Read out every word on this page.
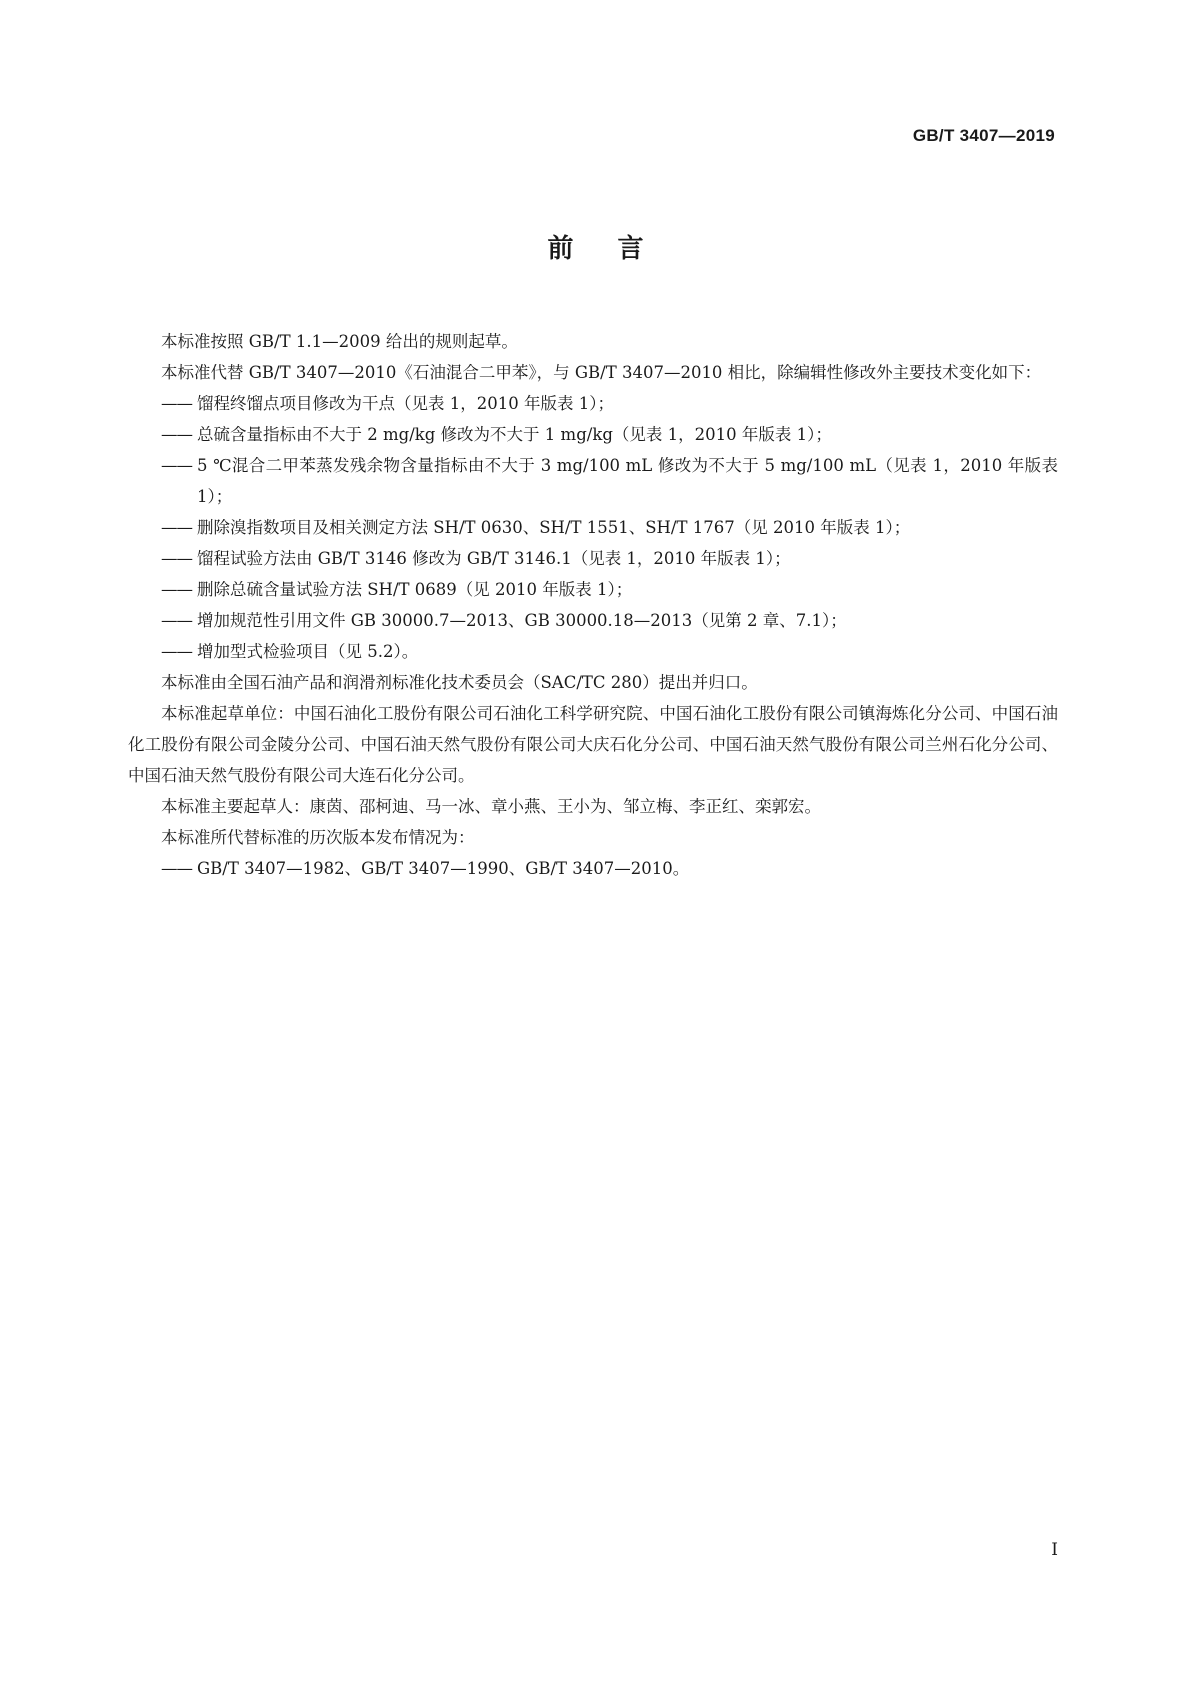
GB/T 3407—2019
前言

本标准按照 GB/T 1.1—2009 给出的规则起草。

本标准代替 GB/T 3407—2010《石油混合二甲苯》，与 GB/T 3407—2010 相比，除编辑性修改外主要技术变化如下：

—— 馏程终馏点项目修改为干点（见表 1，2010 年版表 1）；

—— 总硫含量指标由不大于 2 mg/kg 修改为不大于 1 mg/kg（见表 1，2010 年版表 1）；

—— 5 ℃混合二甲苯蒸发残余物含量指标由不大于 3 mg/100 mL 修改为不大于 5 mg/100 mL（见表 1，2010 年版表 1）；

—— 删除溴指数项目及相关测定方法 SH/T 0630、SH/T 1551、SH/T 1767（见 2010 年版表 1）；

—— 馏程试验方法由 GB/T 3146 修改为 GB/T 3146.1（见表 1，2010 年版表 1）；

—— 删除总硫含量试验方法 SH/T 0689（见 2010 年版表 1）；

—— 增加规范性引用文件 GB 30000.7—2013、GB 30000.18—2013（见第 2 章、7.1）；

—— 增加型式检验项目（见 5.2）。

本标准由全国石油产品和润滑剂标准化技术委员会（SAC/TC 280）提出并归口。

本标准起草单位：中国石油化工股份有限公司石油化工科学研究院、中国石油化工股份有限公司镇海炼化分公司、中国石油化工股份有限公司金陵分公司、中国石油天然气股份有限公司大庆石化分公司、中国石油天然气股份有限公司兰州石化分公司、中国石油天然气股份有限公司大连石化分公司。

本标准主要起草人：康茵、邵柯迪、马一冰、章小燕、王小为、邹立梅、李正红、栾郭宏。

本标准所代替标准的历次版本发布情况为：

—— GB/T 3407—1982、GB/T 3407—1990、GB/T 3407—2010。

I
